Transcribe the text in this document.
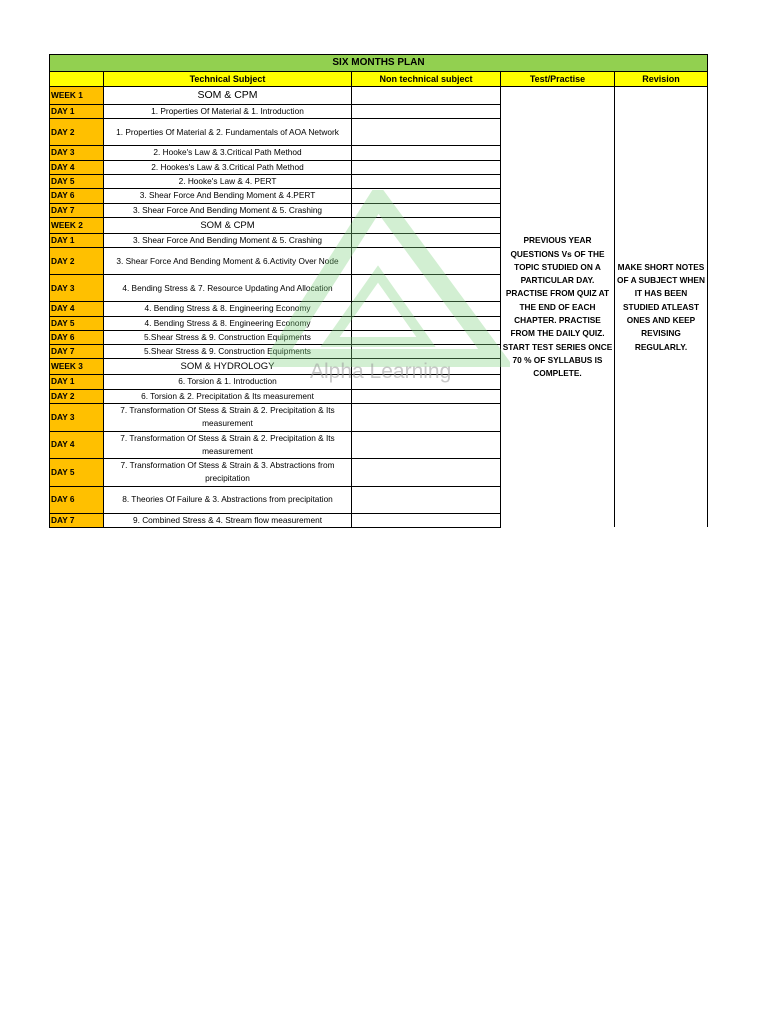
SIX MONTHS PLAN				
	Technical Subject	Non technical subject	Test/Practise	Revision
WEEK 1	SOM & CPM		PREVIOUS YEAR QUESTIONS Vs OF THE TOPIC STUDIED ON A PARTICULAR DAY. PRACTISE FROM QUIZ AT THE END OF EACH CHAPTER. PRACTISE FROM THE DAILY QUIZ. START TEST SERIES ONCE 70 % OF SYLLABUS IS COMPLETE.	MAKE SHORT NOTES OF A SUBJECT WHEN IT HAS BEEN STUDIED ATLEAST ONES AND KEEP REVISING REGULARLY.
DAY 1	1. Properties Of Material & 1. Introduction			
DAY 2	1. Properties Of Material & 2. Fundamentals of AOA Network			
DAY 3	2. Hooke's Law & 3.Critical Path Method			
DAY 4	2. Hookes's Law & 3.Critical Path Method			
DAY 5	2. Hooke's Law & 4. PERT			
DAY 6	3. Shear Force And Bending Moment & 4.PERT			
DAY 7	3. Shear Force And Bending Moment & 5. Crashing			
WEEK 2	SOM & CPM			
DAY 1	3. Shear Force And Bending Moment & 5. Crashing			
DAY 2	3. Shear Force And Bending Moment & 6.Activity Over Node			
DAY 3	4. Bending Stress & 7. Resource Updating And Allocation			
DAY 4	4. Bending Stress & 8. Engineering Economy			
DAY 5	4. Bending Stress & 8. Engineering Economy			
DAY 6	5.Shear Stress & 9. Construction Equipments			
DAY 7	5.Shear Stress & 9. Construction Equipments			
WEEK 3	SOM & HYDROLOGY			
DAY 1	6. Torsion & 1. Introduction			
DAY 2	6. Torsion & 2. Precipitation & Its measurement			
DAY 3	7. Transformation Of Stess & Strain & 2. Precipitation & Its measurement			
DAY 4	7. Transformation Of Stess & Strain & 2. Precipitation & Its measurement			
DAY 5	7. Transformation Of Stess & Strain & 3. Abstractions from precipitation			
DAY 6	8. Theories Of Failure & 3. Abstractions from precipitation			
DAY 7	9. Combined Stress & 4. Stream flow measurement			
Alpha Learning
